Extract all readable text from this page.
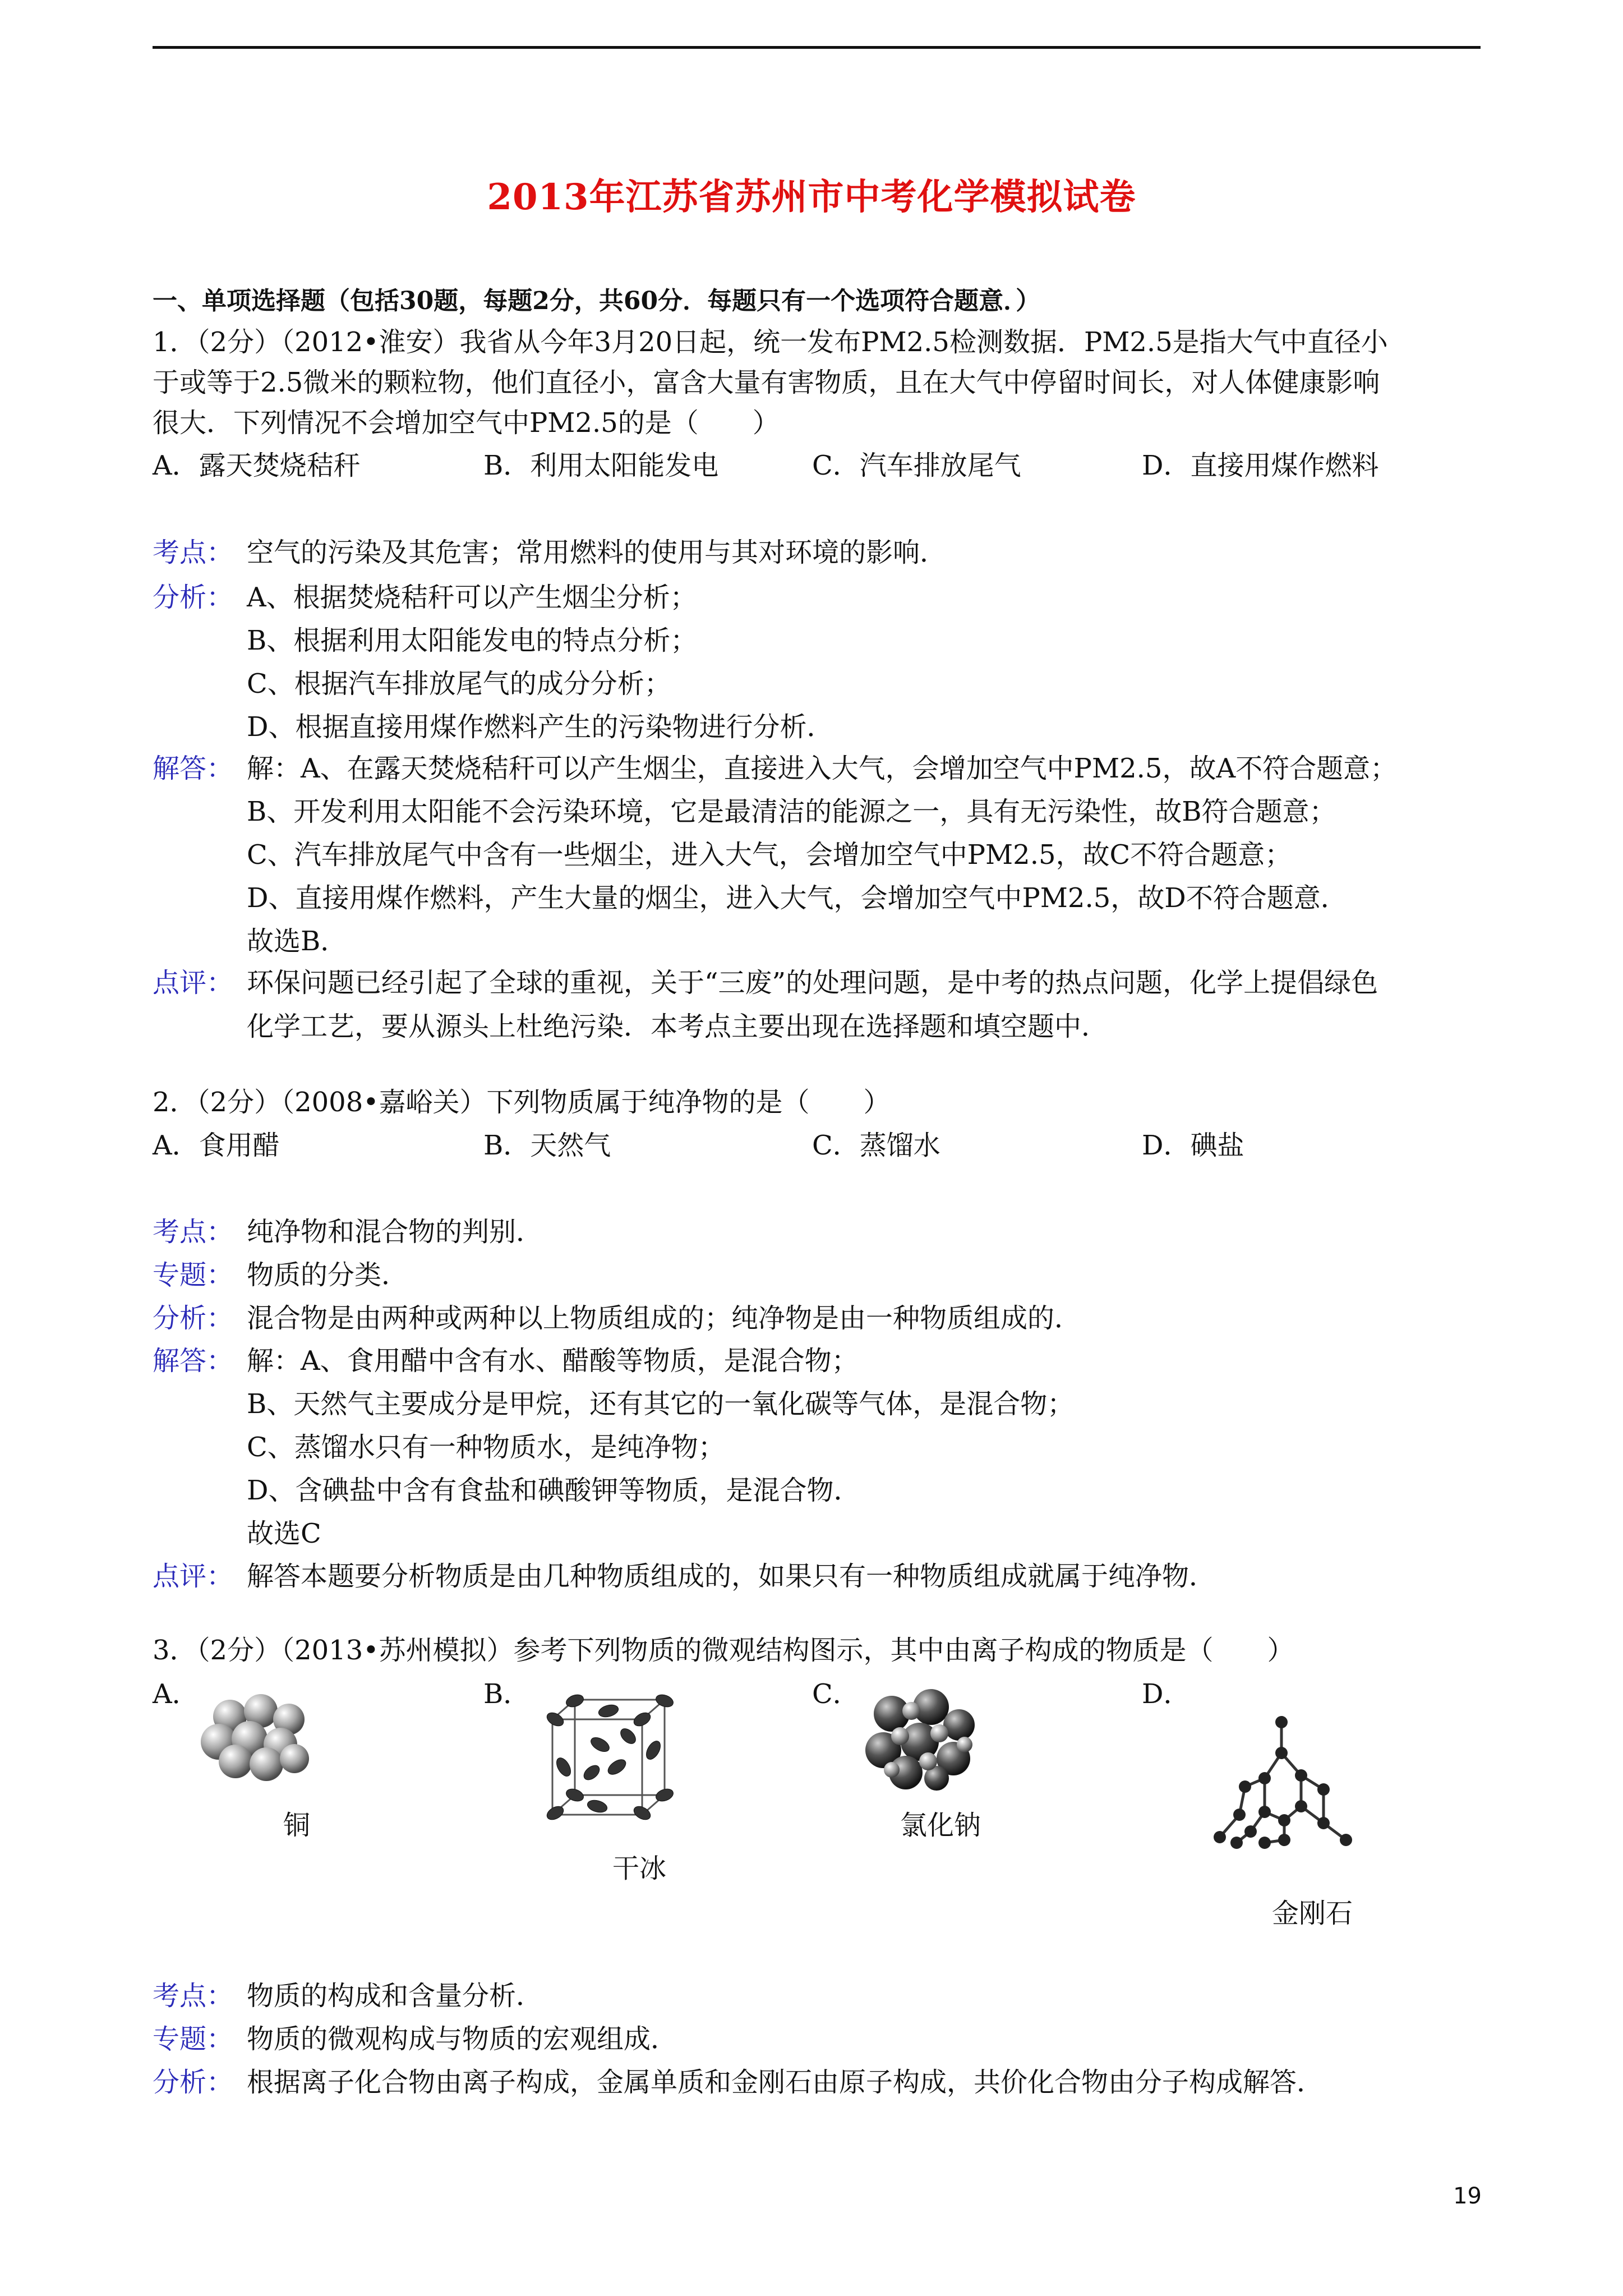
2013年江苏省苏州市中考化学模拟试卷
一、单项选择题（包括30题，每题2分，共60分．每题只有一个选项符合题意．）
1．（2分）（2012•淮安）我省从今年3月20日起，统一发布PM2.5检测数据．PM2.5是指大气中直径小
于或等于2.5微米的颗粒物，他们直径小，富含大量有害物质，且在大气中停留时间长，对人体健康影响
很大．下列情况不会增加空气中PM2.5的是（　　）
A．露天焚烧秸秆	B．利用太阳能发电	C．汽车排放尾气	D．直接用煤作燃料
考点： 空气的污染及其危害；常用燃料的使用与其对环境的影响．
分析： A、根据焚烧秸秆可以产生烟尘分析；
B、根据利用太阳能发电的特点分析；
C、根据汽车排放尾气的成分分析；
D、根据直接用煤作燃料产生的污染物进行分析．
解答： 解：A、在露天焚烧秸秆可以产生烟尘，直接进入大气，会增加空气中PM2.5，故A不符合题意；
B、开发利用太阳能不会污染环境，它是最清洁的能源之一，具有无污染性，故B符合题意；
C、汽车排放尾气中含有一些烟尘，进入大气，会增加空气中PM2.5，故C不符合题意；
D、直接用煤作燃料，产生大量的烟尘，进入大气，会增加空气中PM2.5，故D不符合题意．
故选B．
点评： 环保问题已经引起了全球的重视，关于“三废”的处理问题，是中考的热点问题，化学上提倡绿色
化学工艺，要从源头上杜绝污染．本考点主要出现在选择题和填空题中．
2．（2分）（2008•嘉峪关）下列物质属于纯净物的是（　　）
A．食用醋	B．天然气	C．蒸馏水	D．碘盐
考点： 纯净物和混合物的判别．
专题： 物质的分类．
分析： 混合物是由两种或两种以上物质组成的；纯净物是由一种物质组成的．
解答： 解：A、食用醋中含有水、醋酸等物质，是混合物；
B、天然气主要成分是甲烷，还有其它的一氧化碳等气体，是混合物；
C、蒸馏水只有一种物质水，是纯净物；
D、含碘盐中含有食盐和碘酸钾等物质，是混合物．
故选C
点评： 解答本题要分析物质是由几种物质组成的，如果只有一种物质组成就属于纯净物．
3．（2分）（2013•苏州模拟）参考下列物质的微观结构图示，其中由离子构成的物质是（　　）
A．	B．	C．	D．
铜
干冰
氯化钠
金刚石
考点： 物质的构成和含量分析．
专题： 物质的微观构成与物质的宏观组成．
分析： 根据离子化合物由离子构成，金属单质和金刚石由原子构成，共价化合物由分子构成解答．
19
